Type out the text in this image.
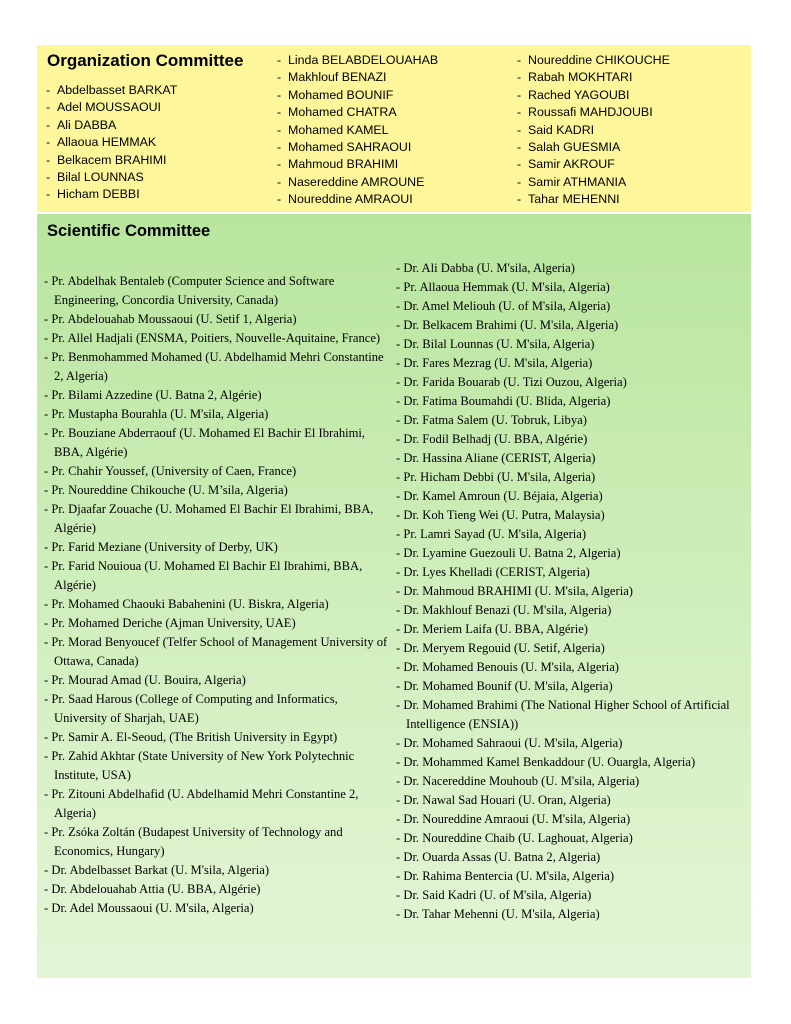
Organization Committee
-  Abdelbasset BARKAT
-  Adel MOUSSAOUI
-  Ali DABBA
-  Allaoua HEMMAK
-  Belkacem BRAHIMI
-  Bilal LOUNNAS
-  Hicham DEBBI
-  Linda BELABDELOUAHAB
-  Makhlouf BENAZI
-  Mohamed BOUNIF
-  Mohamed CHATRA
-  Mohamed KAMEL
-  Mohamed SAHRAOUI
-  Mahmoud BRAHIMI
-  Nasereddine AMROUNE
-  Noureddine AMRAOUI
-  Noureddine CHIKOUCHE
-  Rabah MOKHTARI
-  Rached YAGOUBI
-  Roussafi MAHDJOUBI
-  Said KADRI
-  Salah GUESMIA
-  Samir AKROUF
-  Samir ATHMANIA
-  Tahar MEHENNI
Scientific Committee
- Pr. Abdelhak Bentaleb (Computer Science and Software Engineering, Concordia University, Canada)
- Pr. Abdelouahab Moussaoui (U. Setif 1, Algeria)
- Pr. Allel Hadjali (ENSMA, Poitiers, Nouvelle-Aquitaine, France)
- Pr. Benmohammed Mohamed (U. Abdelhamid Mehri Constantine 2, Algeria)
- Pr. Bilami Azzedine (U. Batna 2, Algérie)
- Pr. Mustapha Bourahla (U. M'sila, Algeria)
- Pr. Bouziane Abderraouf (U. Mohamed El Bachir El Ibrahimi, BBA, Algérie)
- Pr. Chahir Youssef, (University of Caen, France)
- Pr. Noureddine Chikouche (U. M’sila, Algeria)
- Pr. Djaafar Zouache (U. Mohamed El Bachir El Ibrahimi, BBA, Algérie)
- Pr. Farid Meziane (University of Derby, UK)
- Pr. Farid Nouioua (U. Mohamed El Bachir El Ibrahimi, BBA, Algérie)
- Pr. Mohamed Chaouki Babahenini (U. Biskra, Algeria)
- Pr. Mohamed Deriche (Ajman University, UAE)
- Pr. Morad Benyoucef (Telfer School of Management University of Ottawa, Canada)
- Pr. Mourad Amad (U. Bouira, Algeria)
- Pr. Saad Harous (College of Computing and Informatics, University of Sharjah, UAE)
- Pr. Samir A. El-Seoud, (The British University in Egypt)
- Pr. Zahid Akhtar (State University of New York Polytechnic Institute, USA)
- Pr. Zitouni Abdelhafid (U. Abdelhamid Mehri Constantine 2, Algeria)
- Pr. Zsóka Zoltán (Budapest University of Technology and Economics, Hungary)
- Dr. Abdelbasset Barkat (U. M'sila, Algeria)
- Dr. Abdelouahab Attia (U. BBA, Algérie)
- Dr. Adel Moussaoui (U. M'sila, Algeria)
- Dr. Ali Dabba (U. M'sila, Algeria)
- Pr. Allaoua Hemmak (U. M'sila, Algeria)
- Dr. Amel Meliouh (U. of M'sila, Algeria)
- Dr. Belkacem Brahimi (U. M'sila, Algeria)
- Dr. Bilal Lounnas (U. M'sila, Algeria)
- Dr. Fares Mezrag (U. M'sila, Algeria)
- Dr. Farida Bouarab (U. Tizi Ouzou, Algeria)
- Dr. Fatima Boumahdi (U. Blida, Algeria)
- Dr. Fatma Salem (U. Tobruk, Libya)
- Dr. Fodil Belhadj (U. BBA, Algérie)
- Dr. Hassina Aliane (CERIST, Algeria)
- Pr. Hicham Debbi (U. M'sila, Algeria)
- Dr. Kamel Amroun (U. Béjaia, Algeria)
- Dr. Koh Tieng Wei (U. Putra, Malaysia)
- Pr. Lamri Sayad (U. M'sila, Algeria)
- Dr. Lyamine Guezouli U. Batna 2, Algeria)
- Dr. Lyes Khelladi (CERIST, Algeria)
- Dr. Mahmoud BRAHIMI (U. M'sila, Algeria)
- Dr. Makhlouf Benazi (U. M'sila, Algeria)
- Dr. Meriem Laifa (U. BBA, Algérie)
- Dr. Meryem Regouid (U. Setif, Algeria)
- Dr. Mohamed Benouis (U. M'sila, Algeria)
- Dr. Mohamed Bounif (U. M'sila, Algeria)
- Dr. Mohamed Brahimi (The National Higher School of Artificial Intelligence (ENSIA))
- Dr. Mohamed Sahraoui (U. M'sila, Algeria)
- Dr. Mohammed Kamel Benkaddour (U. Ouargla, Algeria)
- Dr. Nacereddine Mouhoub (U. M'sila, Algeria)
- Dr. Nawal Sad Houari (U. Oran, Algeria)
- Dr. Noureddine Amraoui (U. M'sila, Algeria)
- Dr. Noureddine Chaib (U. Laghouat, Algeria)
- Dr. Ouarda Assas (U. Batna 2, Algeria)
- Dr. Rahima Bentercia (U. M'sila, Algeria)
- Dr. Said Kadri (U. of M'sila, Algeria)
- Dr. Tahar Mehenni (U. M'sila, Algeria)
